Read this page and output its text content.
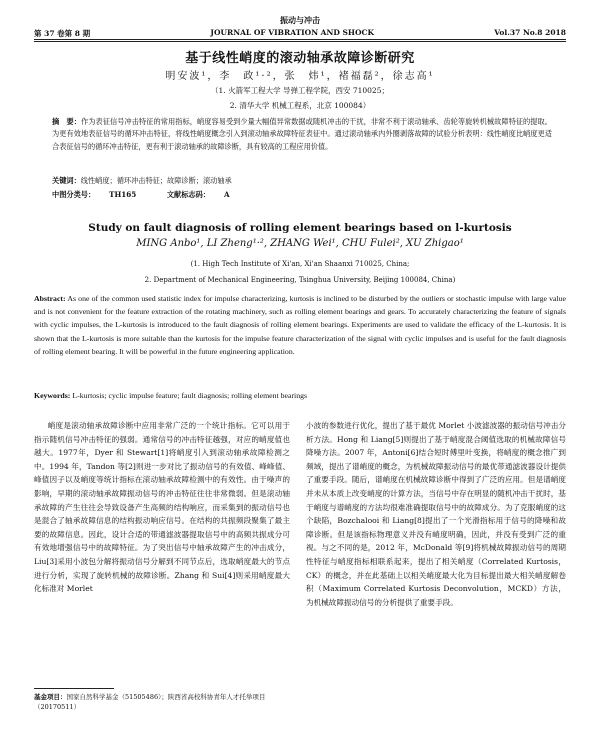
振动与冲击
第 37 卷第 8 期	JOURNAL OF VIBRATION AND SHOCK	Vol.37 No.8 2018
基于线性峭度的滚动轴承故障诊断研究
明安波¹，李　政¹·²，张　炜¹，褚福磊²，徐志高¹
（1. 火箭军工程大学 导弹工程学院，西安 710025；
2. 清华大学 机械工程系，北京 100084）
摘　要：作为表征信号冲击特征的常用指标，峭度容易受到少量大幅值异常数据或随机冲击的干扰，非常不利于滚动轴承、齿轮等旋转机械故障特征的提取。为更有效地表征信号的循环冲击特征，将线性峭度概念引入到滚动轴承故障特征表征中。通过滚动轴承内外圈剥落故障的试验分析表明：线性峭度比峭度更适合表征信号的循环冲击特征，更有利于滚动轴承的故障诊断，具有较高的工程应用价值。
关键词：线性峭度；循环冲击特征；故障诊断；滚动轴承
中图分类号： TH165	文献标志码： A
Study on fault diagnosis of rolling element bearings based on l-kurtosis
MING Anbo¹, LI Zheng¹·², ZHANG Wei¹, CHU Fulei², XU Zhigao¹
(1. High Tech Institute of Xi'an, Xi'an Shaanxi 710025, China;
2. Department of Mechanical Engineering, Tsinghua University, Beijing 100084, China)
Abstract: As one of the common used statistic index for impulse characterizing, kurtosis is inclined to be disturbed by the outliers or stochastic impulse with large value and is not convenient for the feature extraction of the rotating machinery, such as rolling element bearings and gears. To accurately characterizing the feature of signals with cyclic impulses, the L-kurtosis is introduced to the fault diagnosis of rolling element bearings. Experiments are used to validate the efficacy of the L-kurtosis. It is shown that the L-kurtosis is more suitable than the kurtosis for the impulse feature characterization of the signal with cyclic impulses and is useful for the fault diagnosis of rolling element bearing. It will be powerful in the future engineering application.
Keywords: L-kurtosis; cyclic impulse feature; fault diagnosis; rolling element bearings

峭度是滚动轴承故障诊断中应用非常广泛的一个统计指标。它可以用于指示随机信号冲击特征的强弱。通常信号的冲击特征越强，对应的峭度值也越大。1977年，Dyer 和 Stewart[1]将峭度引入到滚动轴承故障检测之中。1994 年，Tandon 等[2]则进一步对比了振动信号的有效值、峰峰值、峰值因子以及峭度等统计指标在滚动轴承故障检测中的有效性。由于噪声的影响，早期的滚动轴承故障振动信号的冲击特征往往非常微弱。但是滚动轴承故障的产生往往会导致设备产生高频的结构响应，而采集到的振动信号也是混合了轴承故障信息的结构振动响应信号。在结构的共振频段聚集了最主要的故障信息。因此，设计合适的带通滤波器提取信号中的高频共振成分可有效地增强信号中的故障特征。为了突出信号中轴承故障产生的冲击成分，Liu[3]采用小波包分解将振动信号分解到不同节点后，选取峭度最大的节点进行分析，实现了旋转机械的故障诊断。Zhang 和 Sui[4]则采用峭度最大化标准对 Morlet

小波的参数进行优化，提出了基于最优 Morlet 小波滤波器的振动信号冲击分析方法。Hong 和 Liang[5]则提出了基于峭度混合阈值选取的机械故障信号降噪方法。2007 年，Antoni[6]结合短时傅里叶变换，将峭度的概念推广到频域，提出了谱峭度的概念，为机械故障振动信号的最优带通滤波器设计提供了重要手段。随后，谱峭度在机械故障诊断中得到了广泛的应用。但是谱峭度并未从本质上改变峭度的计算方法，当信号中存在明显的随机冲击干扰时，基于峭度与谱峭度的方法均很难准确提取信号中的故障成分。为了克服峭度的这个缺陷，Bozchalooi 和 Liang[8]提出了一个光滑指标用于信号的降噪和故障诊断。但是该指标物理意义并没有峭度明确，因此，并没有受到广泛的重视。与之不同的是，2012 年，McDonald 等[9]将机械故障振动信号的周期性特征与峭度指标相联系起来，提出了相关峭度（Correlated Kurtosis，CK）的概念，并在此基础上以相关峭度最大化为目标提出最大相关峭度解卷积（Maximum Correlated Kurtosis Deconvolution，MCKD）方法，为机械故障振动信号的分析提供了重要手段。

基金项目：国家自然科学基金（51505486）；陕西省高校科协青年人才托举项目（20170511）
